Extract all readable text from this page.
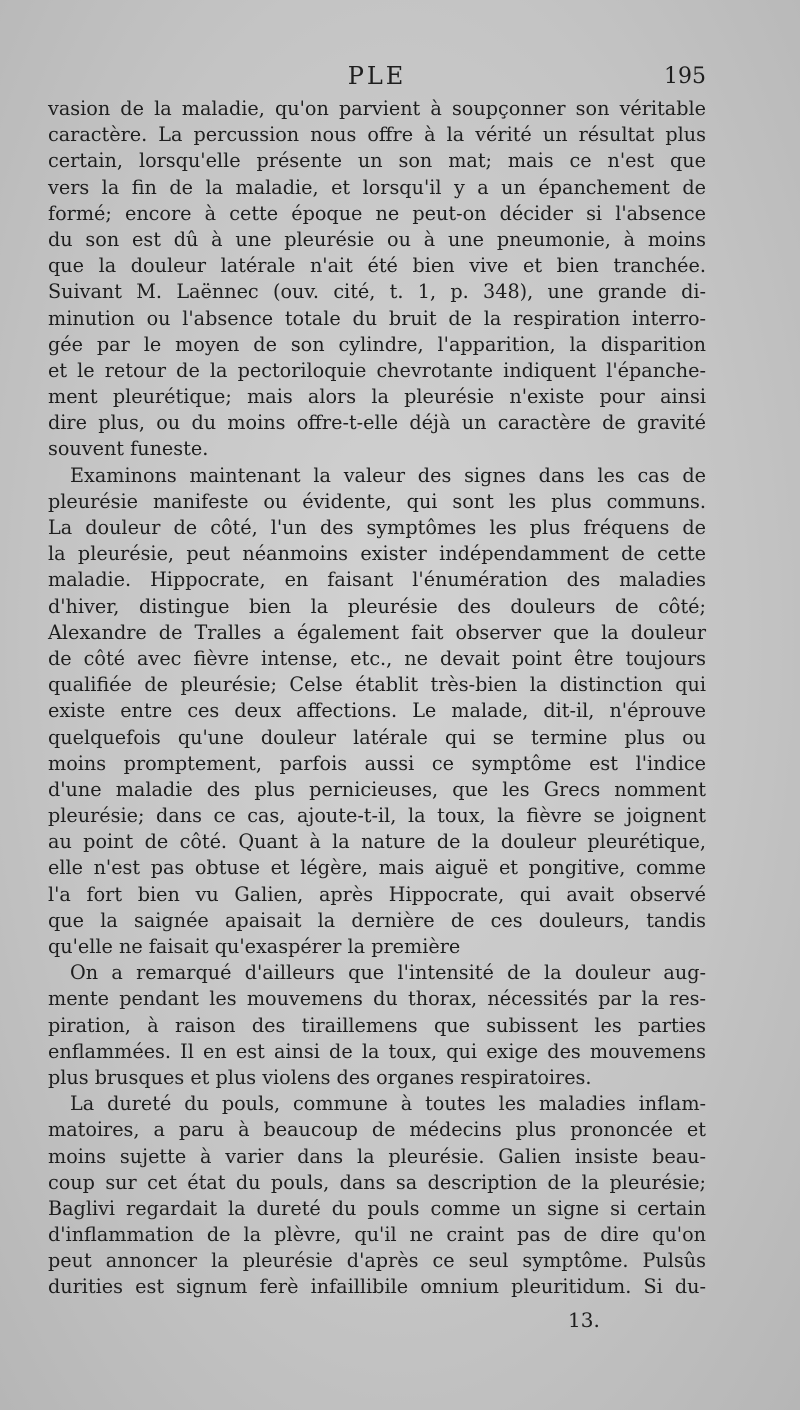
PLE	195
vasion de la maladie, qu'on parvient à soupçonner son véritable
caractère. La percussion nous offre à la vérité un résultat plus
certain, lorsqu'elle présente un son mat; mais ce n'est que
vers la fin de la maladie, et lorsqu'il y a un épanchement de
formé; encore à cette époque ne peut-on décider si l'absence
du son est dû à une pleurésie ou à une pneumonie, à moins
que la douleur latérale n'ait été bien vive et bien tranchée.
Suivant M. Laënnec (ouv. cité, t. 1, p. 348), une grande di-
minution ou l'absence totale du bruit de la respiration interro-
gée par le moyen de son cylindre, l'apparition, la disparition
et le retour de la pectoriloquie chevrotante indiquent l'épanche-
ment pleurétique; mais alors la pleurésie n'existe pour ainsi
dire plus, ou du moins offre-t-elle déjà un caractère de gravité
souvent funeste.
Examinons maintenant la valeur des signes dans les cas de
pleurésie manifeste ou évidente, qui sont les plus communs.
La douleur de côté, l'un des symptômes les plus fréquens de
la pleurésie, peut néanmoins exister indépendamment de cette
maladie. Hippocrate, en faisant l'énumération des maladies
d'hiver, distingue bien la pleurésie des douleurs de côté;
Alexandre de Tralles a également fait observer que la douleur
de côté avec fièvre intense, etc., ne devait point être toujours
qualifiée de pleurésie; Celse établit très-bien la distinction qui
existe entre ces deux affections. Le malade, dit-il, n'éprouve
quelquefois qu'une douleur latérale qui se termine plus ou
moins promptement, parfois aussi ce symptôme est l'indice
d'une maladie des plus pernicieuses, que les Grecs nomment
pleurésie; dans ce cas, ajoute-t-il, la toux, la fièvre se joignent
au point de côté. Quant à la nature de la douleur pleurétique,
elle n'est pas obtuse et légère, mais aiguë et pongitive, comme
l'a fort bien vu Galien, après Hippocrate, qui avait observé
que la saignée apaisait la dernière de ces douleurs, tandis
qu'elle ne faisait qu'exaspérer la première
On a remarqué d'ailleurs que l'intensité de la douleur aug-
mente pendant les mouvemens du thorax, nécessités par la res-
piration, à raison des tiraillemens que subissent les parties
enflammées. Il en est ainsi de la toux, qui exige des mouvemens
plus brusques et plus violens des organes respiratoires.
La dureté du pouls, commune à toutes les maladies inflam-
matoires, a paru à beaucoup de médecins plus prononcée et
moins sujette à varier dans la pleurésie. Galien insiste beau-
coup sur cet état du pouls, dans sa description de la pleurésie;
Baglivi regardait la dureté du pouls comme un signe si certain
d'inflammation de la plèvre, qu'il ne craint pas de dire qu'on
peut annoncer la pleurésie d'après ce seul symptôme. Pulsûs
durities est signum ferè infaillibile omnium pleuritidum. Si du-
13.
